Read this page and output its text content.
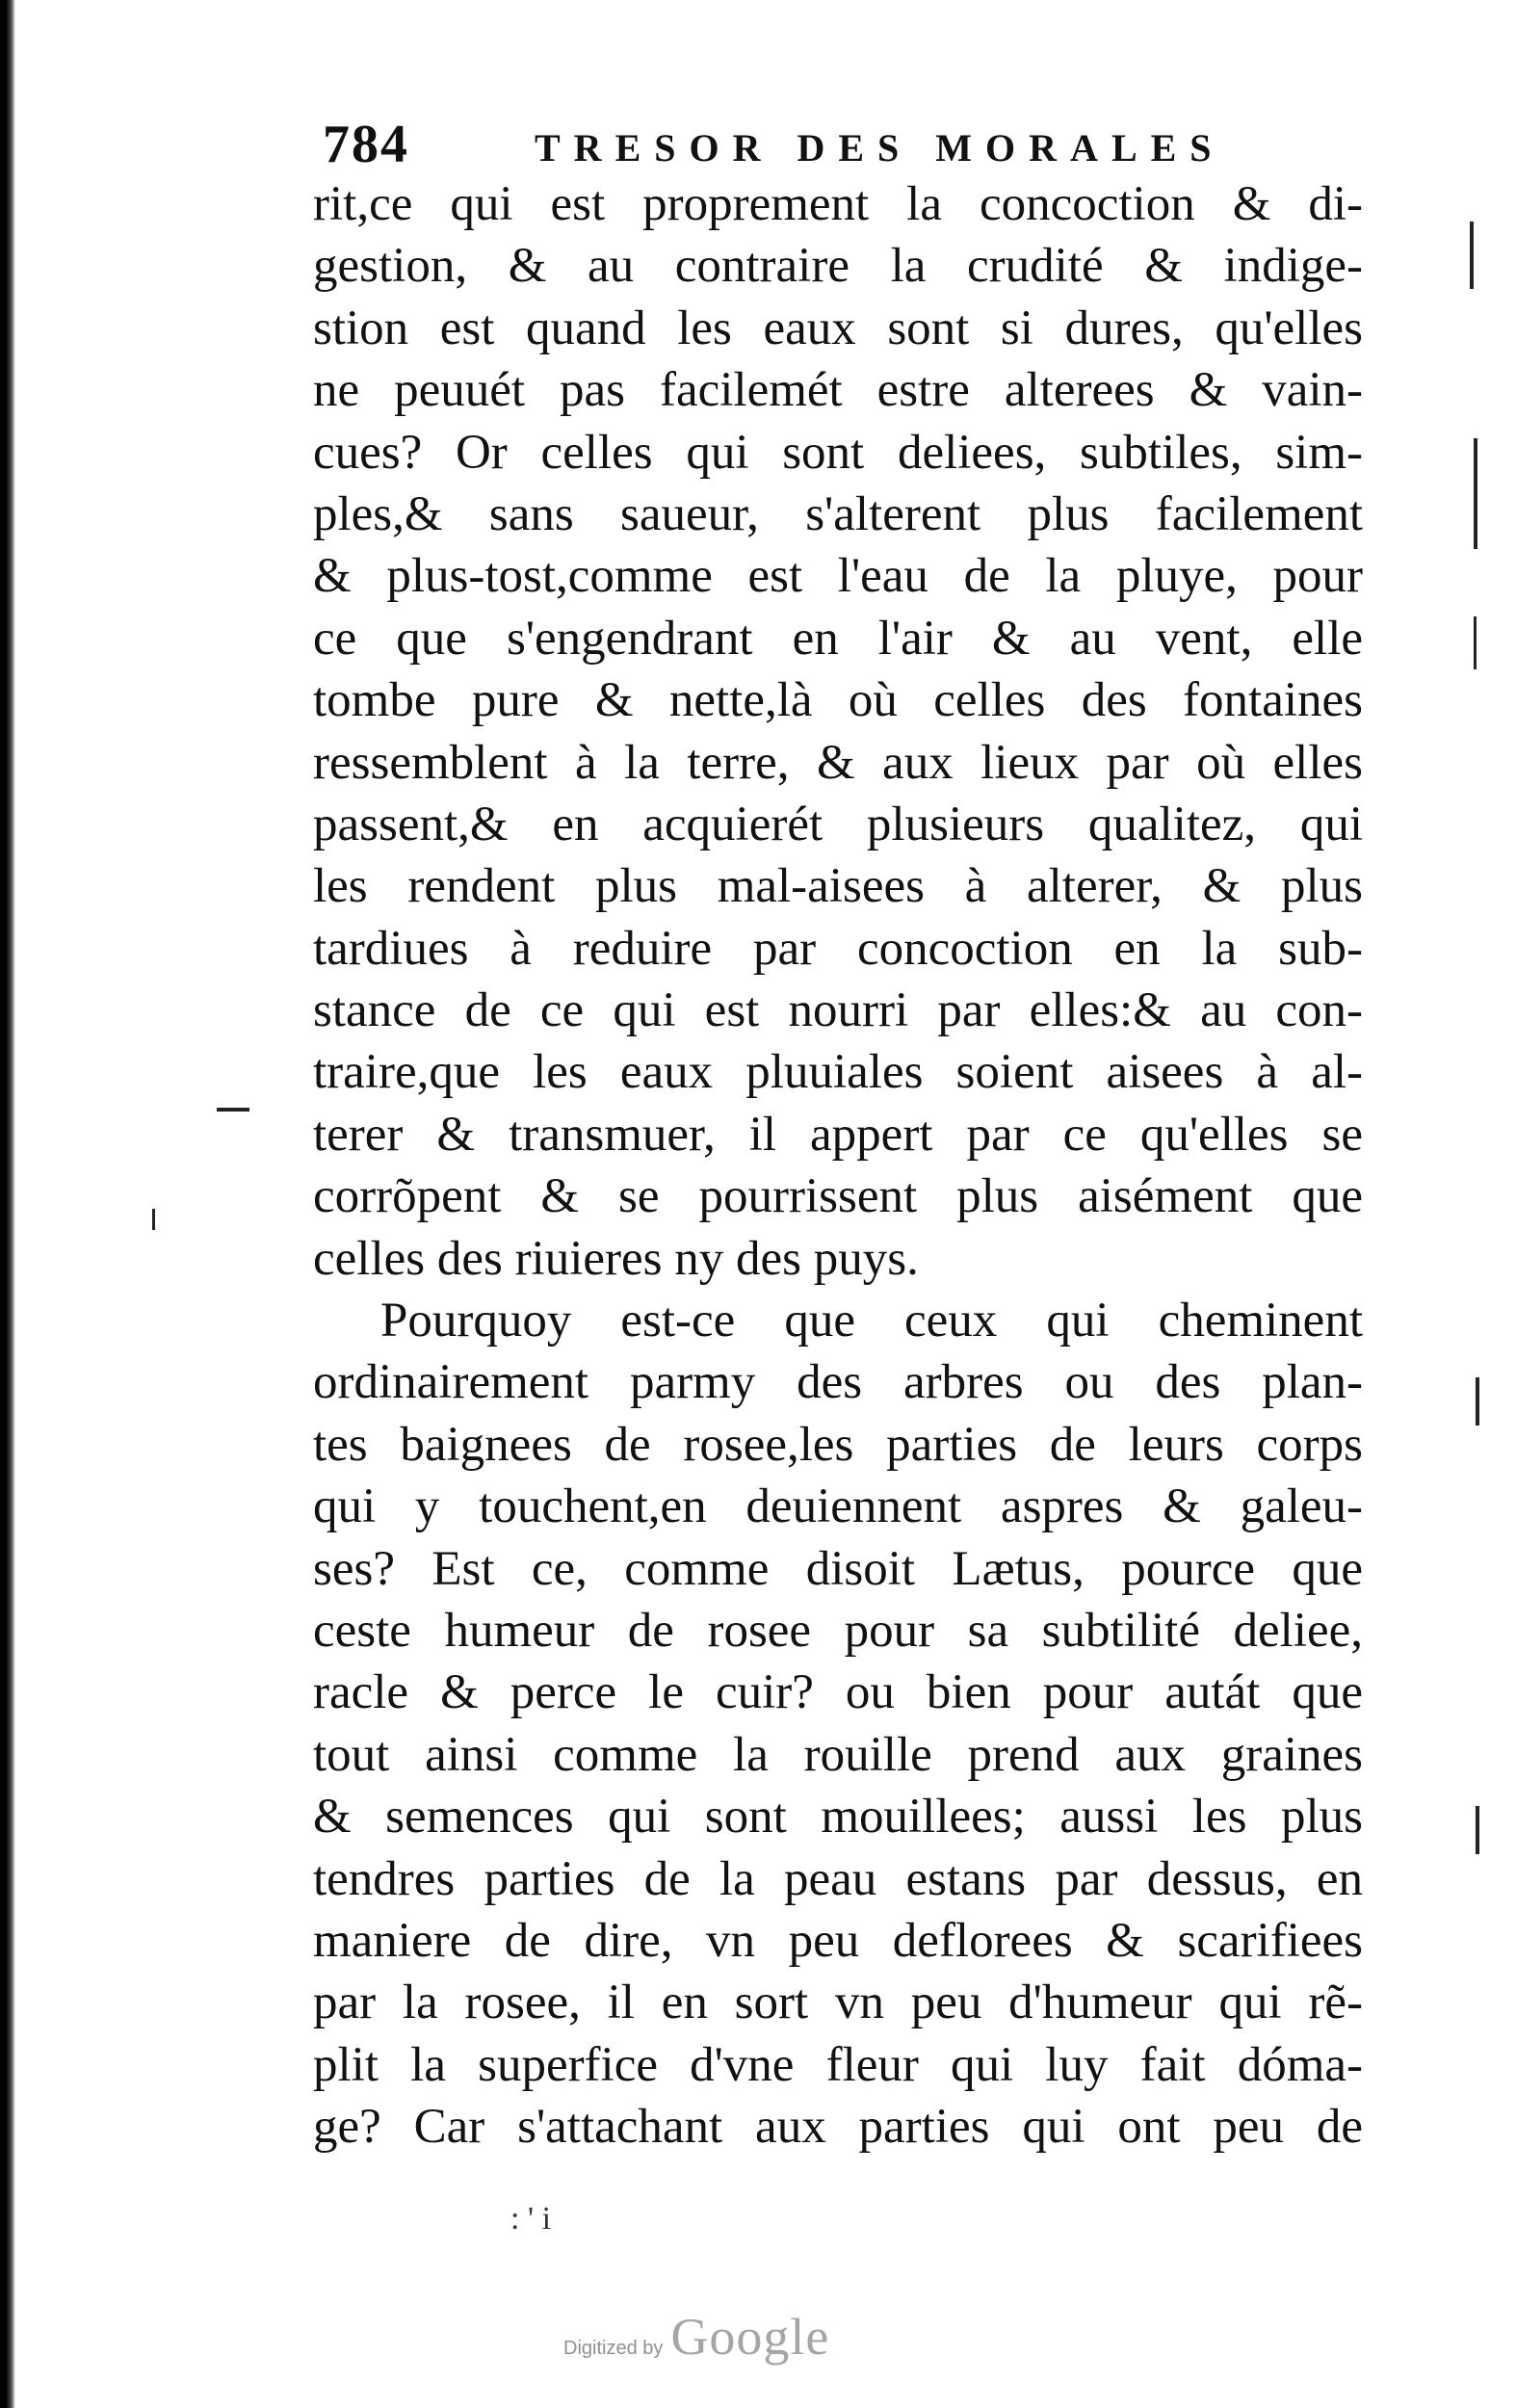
784	TRESOR DES MORALES
rit,ce qui est proprement la concoction & di-
gestion, & au contraire la crudité & indige-
stion est quand les eaux sont si dures, qu'elles
ne peuuét pas facilemét estre alterees & vain-
cues? Or celles qui sont deliees, subtiles, sim-
ples,& sans saueur, s'alterent plus facilement
& plus-tost,comme est l'eau de la pluye, pour
ce que s'engendrant en l'air & au vent, elle
tombe pure & nette,là où celles des fontaines
ressemblent à la terre, & aux lieux par où elles
passent,& en acquierét plusieurs qualitez, qui
les rendent plus mal-aisees à alterer, & plus
tardiues à reduire par concoction en la sub-
stance de ce qui est nourri par elles:& au con-
traire,que les eaux pluuiales soient aisees à al-
terer & transmuer, il appert par ce qu'elles se
corrõpent & se pourrissent plus aisément que
celles des riuieres ny des puys.
Pourquoy est-ce que ceux qui cheminent
ordinairement parmy des arbres ou des plan-
tes baignees de rosee,les parties de leurs corps
qui y touchent,en deuiennent aspres & galeu-
ses? Est ce, comme disoit Lætus, pource que
ceste humeur de rosee pour sa subtilité deliee,
racle & perce le cuir? ou bien pour autát que
tout ainsi comme la rouille prend aux graines
& semences qui sont mouillees; aussi les plus
tendres parties de la peau estans par dessus, en
maniere de dire, vn peu deflorees & scarifiees
par la rosee, il en sort vn peu d'humeur qui rẽ-
plit la superfice d'vne fleur qui luy fait dóma-
ge? Car s'attachant aux parties qui ont peu de
: ' i
Digitized by Google
